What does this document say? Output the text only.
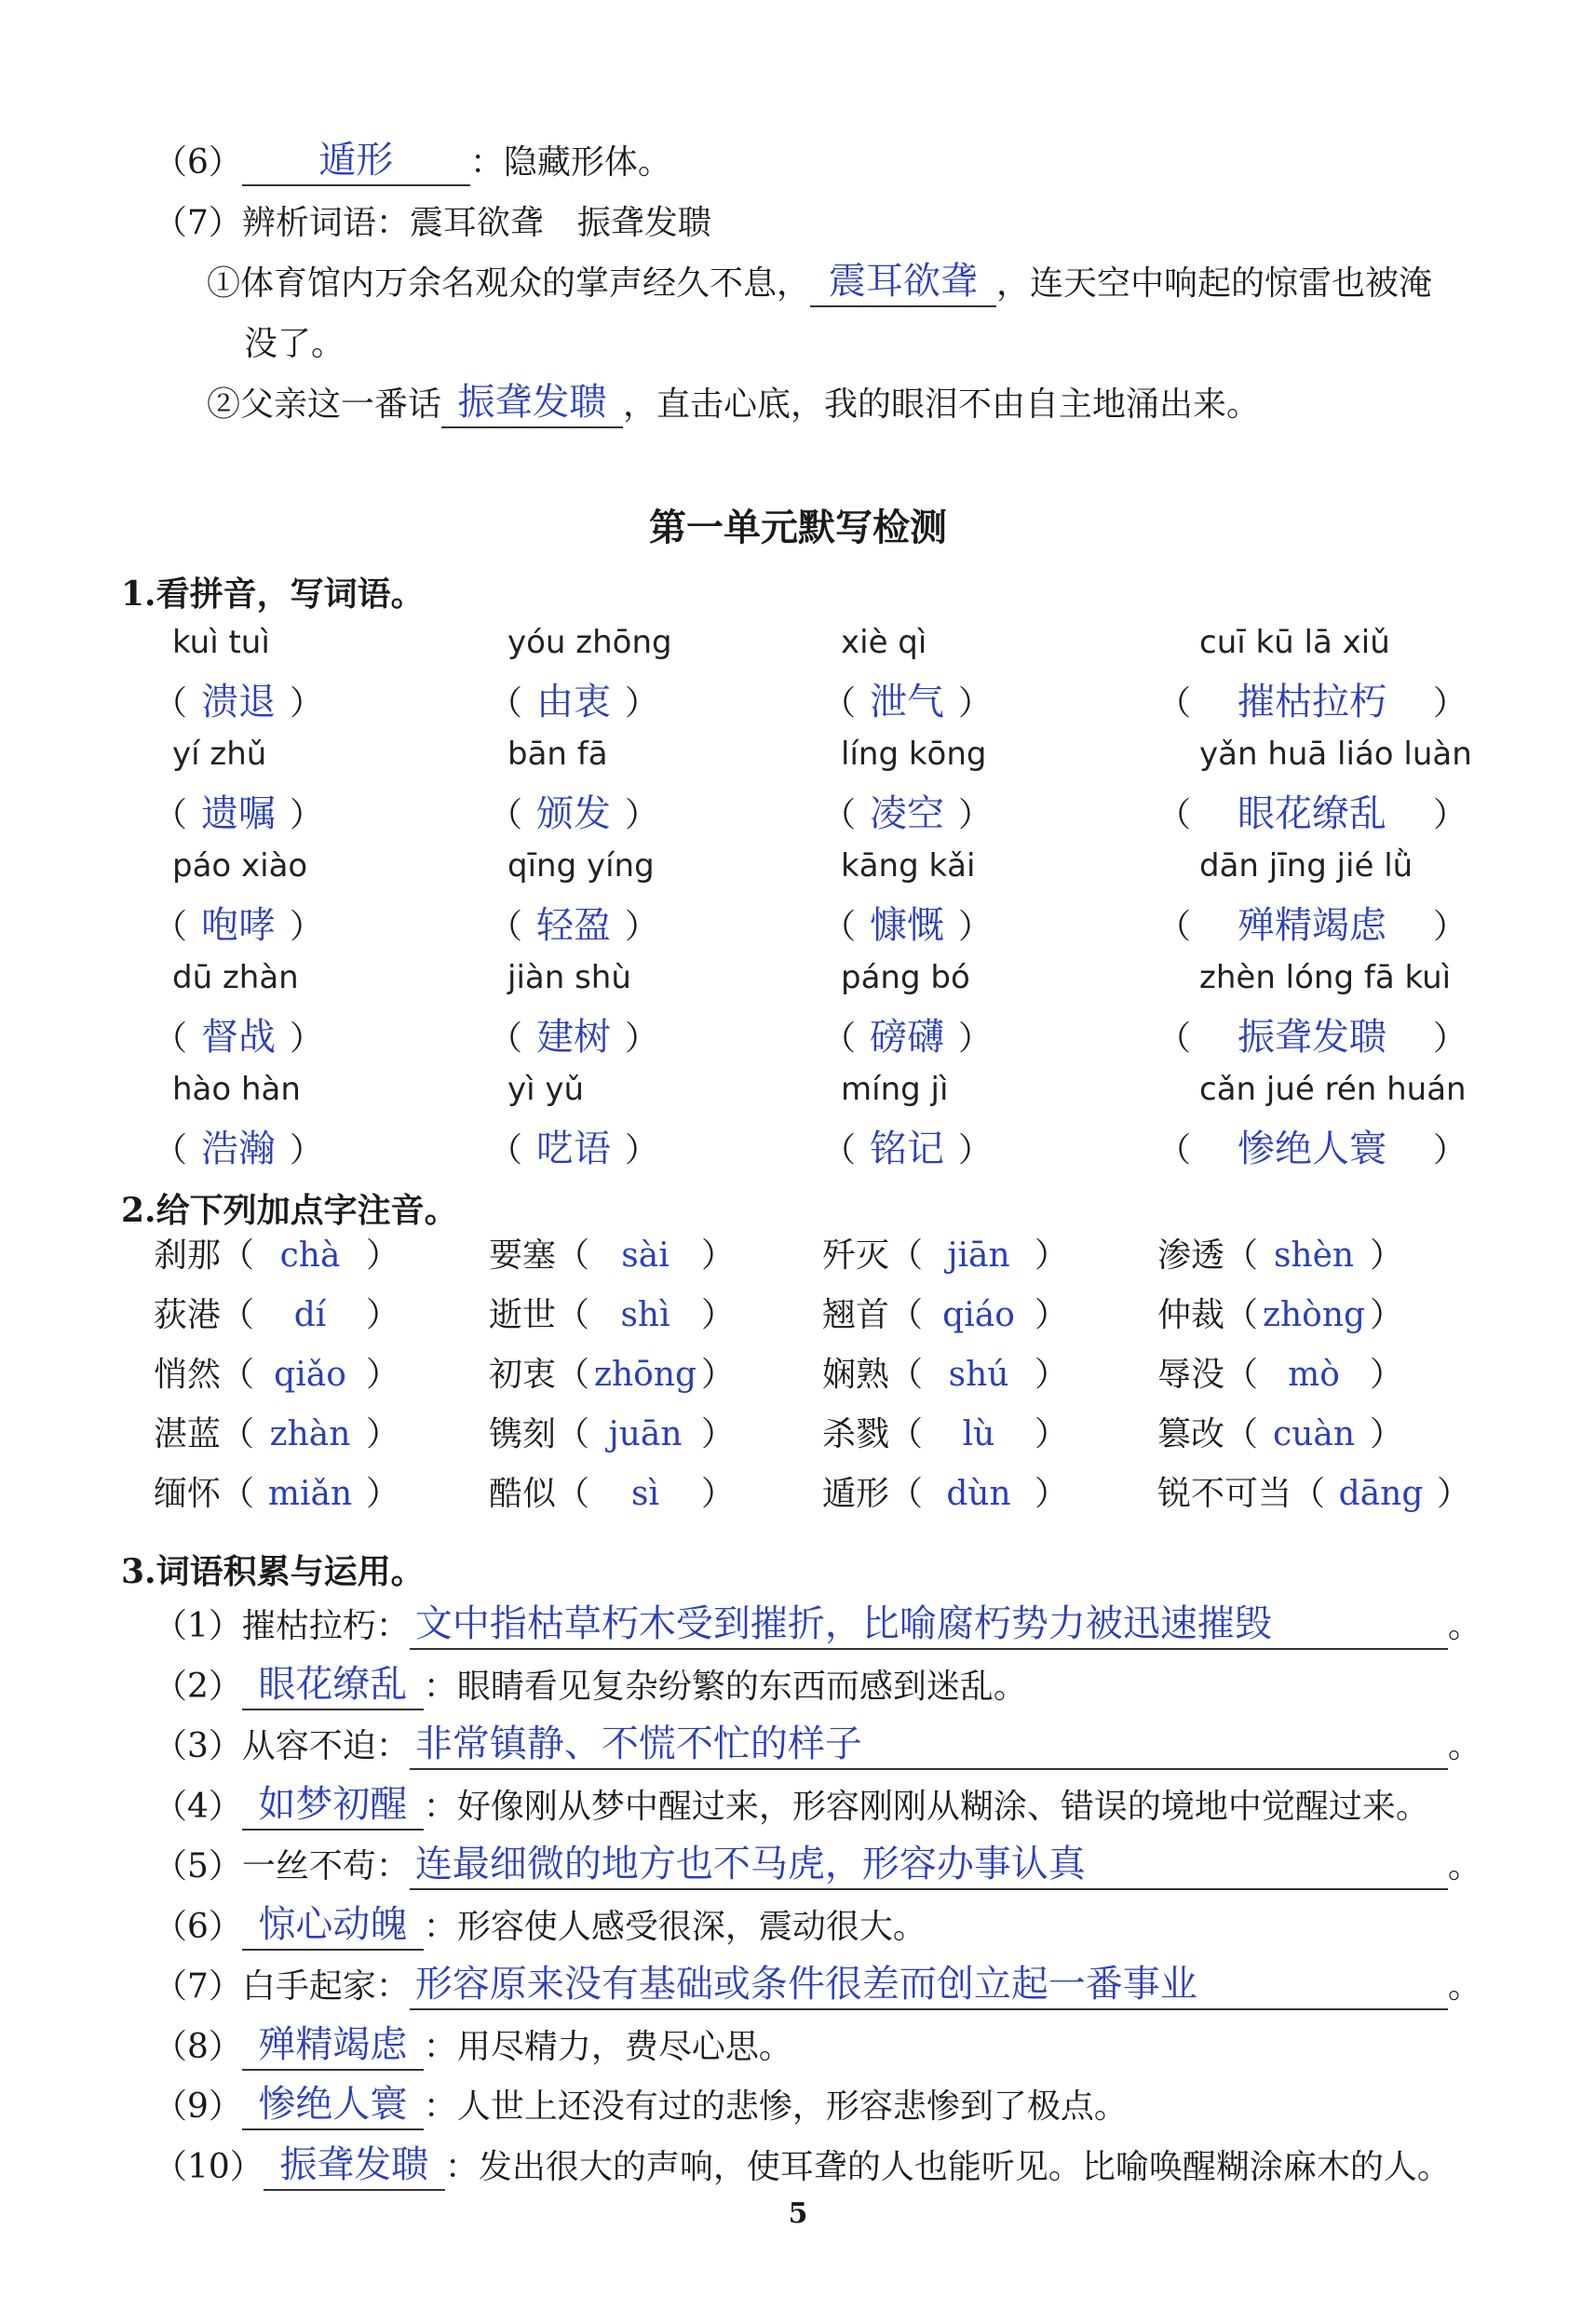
（6）	遁形	：隐藏形体。
（7）辨析词语：震耳欲聋　振聋发聩
①体育馆内万余名观众的掌声经久不息， 震耳欲聋 ，连天空中响起的惊雷也被淹
没了。
②父亲这一番话 振聋发聩 ，直击心底，我的眼泪不由自主地涌出来。
第一单元默写检测
1.看拼音，写词语。
kuì tuì
（ 溃退 ）
yóu zhōng
（ 由衷 ）
xiè qì
（ 泄气 ）
cuī kū lā xiǔ
（ 摧枯拉朽 ）
yí zhǔ
（ 遗嘱 ）
bān fā
（ 颁发 ）
líng kōng
（ 凌空 ）
yǎn huā liáo luàn
（ 眼花缭乱 ）
páo xiào
（ 咆哮 ）
qīng yíng
（ 轻盈 ）
kāng kǎi
（ 慷慨 ）
dān jīng jié lǜ
（ 殚精竭虑 ）
dū zhàn
（ 督战 ）
jiàn shù
（ 建树 ）
páng bó
（ 磅礴 ）
zhèn lóng fā kuì
（ 振聋发聩 ）
hào hàn
（ 浩瀚 ）
yì yǔ
（ 呓语 ）
míng jì
（ 铭记 ）
cǎn jué rén huán
（ 惨绝人寰 ）
2.给下列加点字注音。
刹那（ chà ）	要塞（ sài ）	歼灭（ jiān ）	渗透（ shèn ）
荻港（ dí ）	逝世（ shì ）	翘首（ qiáo ）	仲裁（ zhòng ）
悄然（ qiǎo ）	初衷（ zhōng ）	娴熟（ shú ）	辱没（ mò ）
湛蓝（ zhàn ）	镌刻（ juān ）	杀戮（ lù ）	篡改（ cuàn ）
缅怀（ miǎn ）	酷似（ sì ）	遁形（ dùn ）	锐不可当（ dāng ）
3.词语积累与运用。
（1）摧枯拉朽： 文中指枯草朽木受到摧折，比喻腐朽势力被迅速摧毁	。
（2） 眼花缭乱 ：眼睛看见复杂纷繁的东西而感到迷乱。
（3）从容不迫： 非常镇静、不慌不忙的样子	。
（4） 如梦初醒 ：好像刚从梦中醒过来，形容刚刚从糊涂、错误的境地中觉醒过来。
（5）一丝不苟： 连最细微的地方也不马虎，形容办事认真	。
（6） 惊心动魄 ：形容使人感受很深，震动很大。
（7）白手起家： 形容原来没有基础或条件很差而创立起一番事业	。
（8） 殚精竭虑 ：用尽精力，费尽心思。
（9） 惨绝人寰 ：人世上还没有过的悲惨，形容悲惨到了极点。
（10） 振聋发聩 ：发出很大的声响，使耳聋的人也能听见。比喻唤醒糊涂麻木的人。
5
